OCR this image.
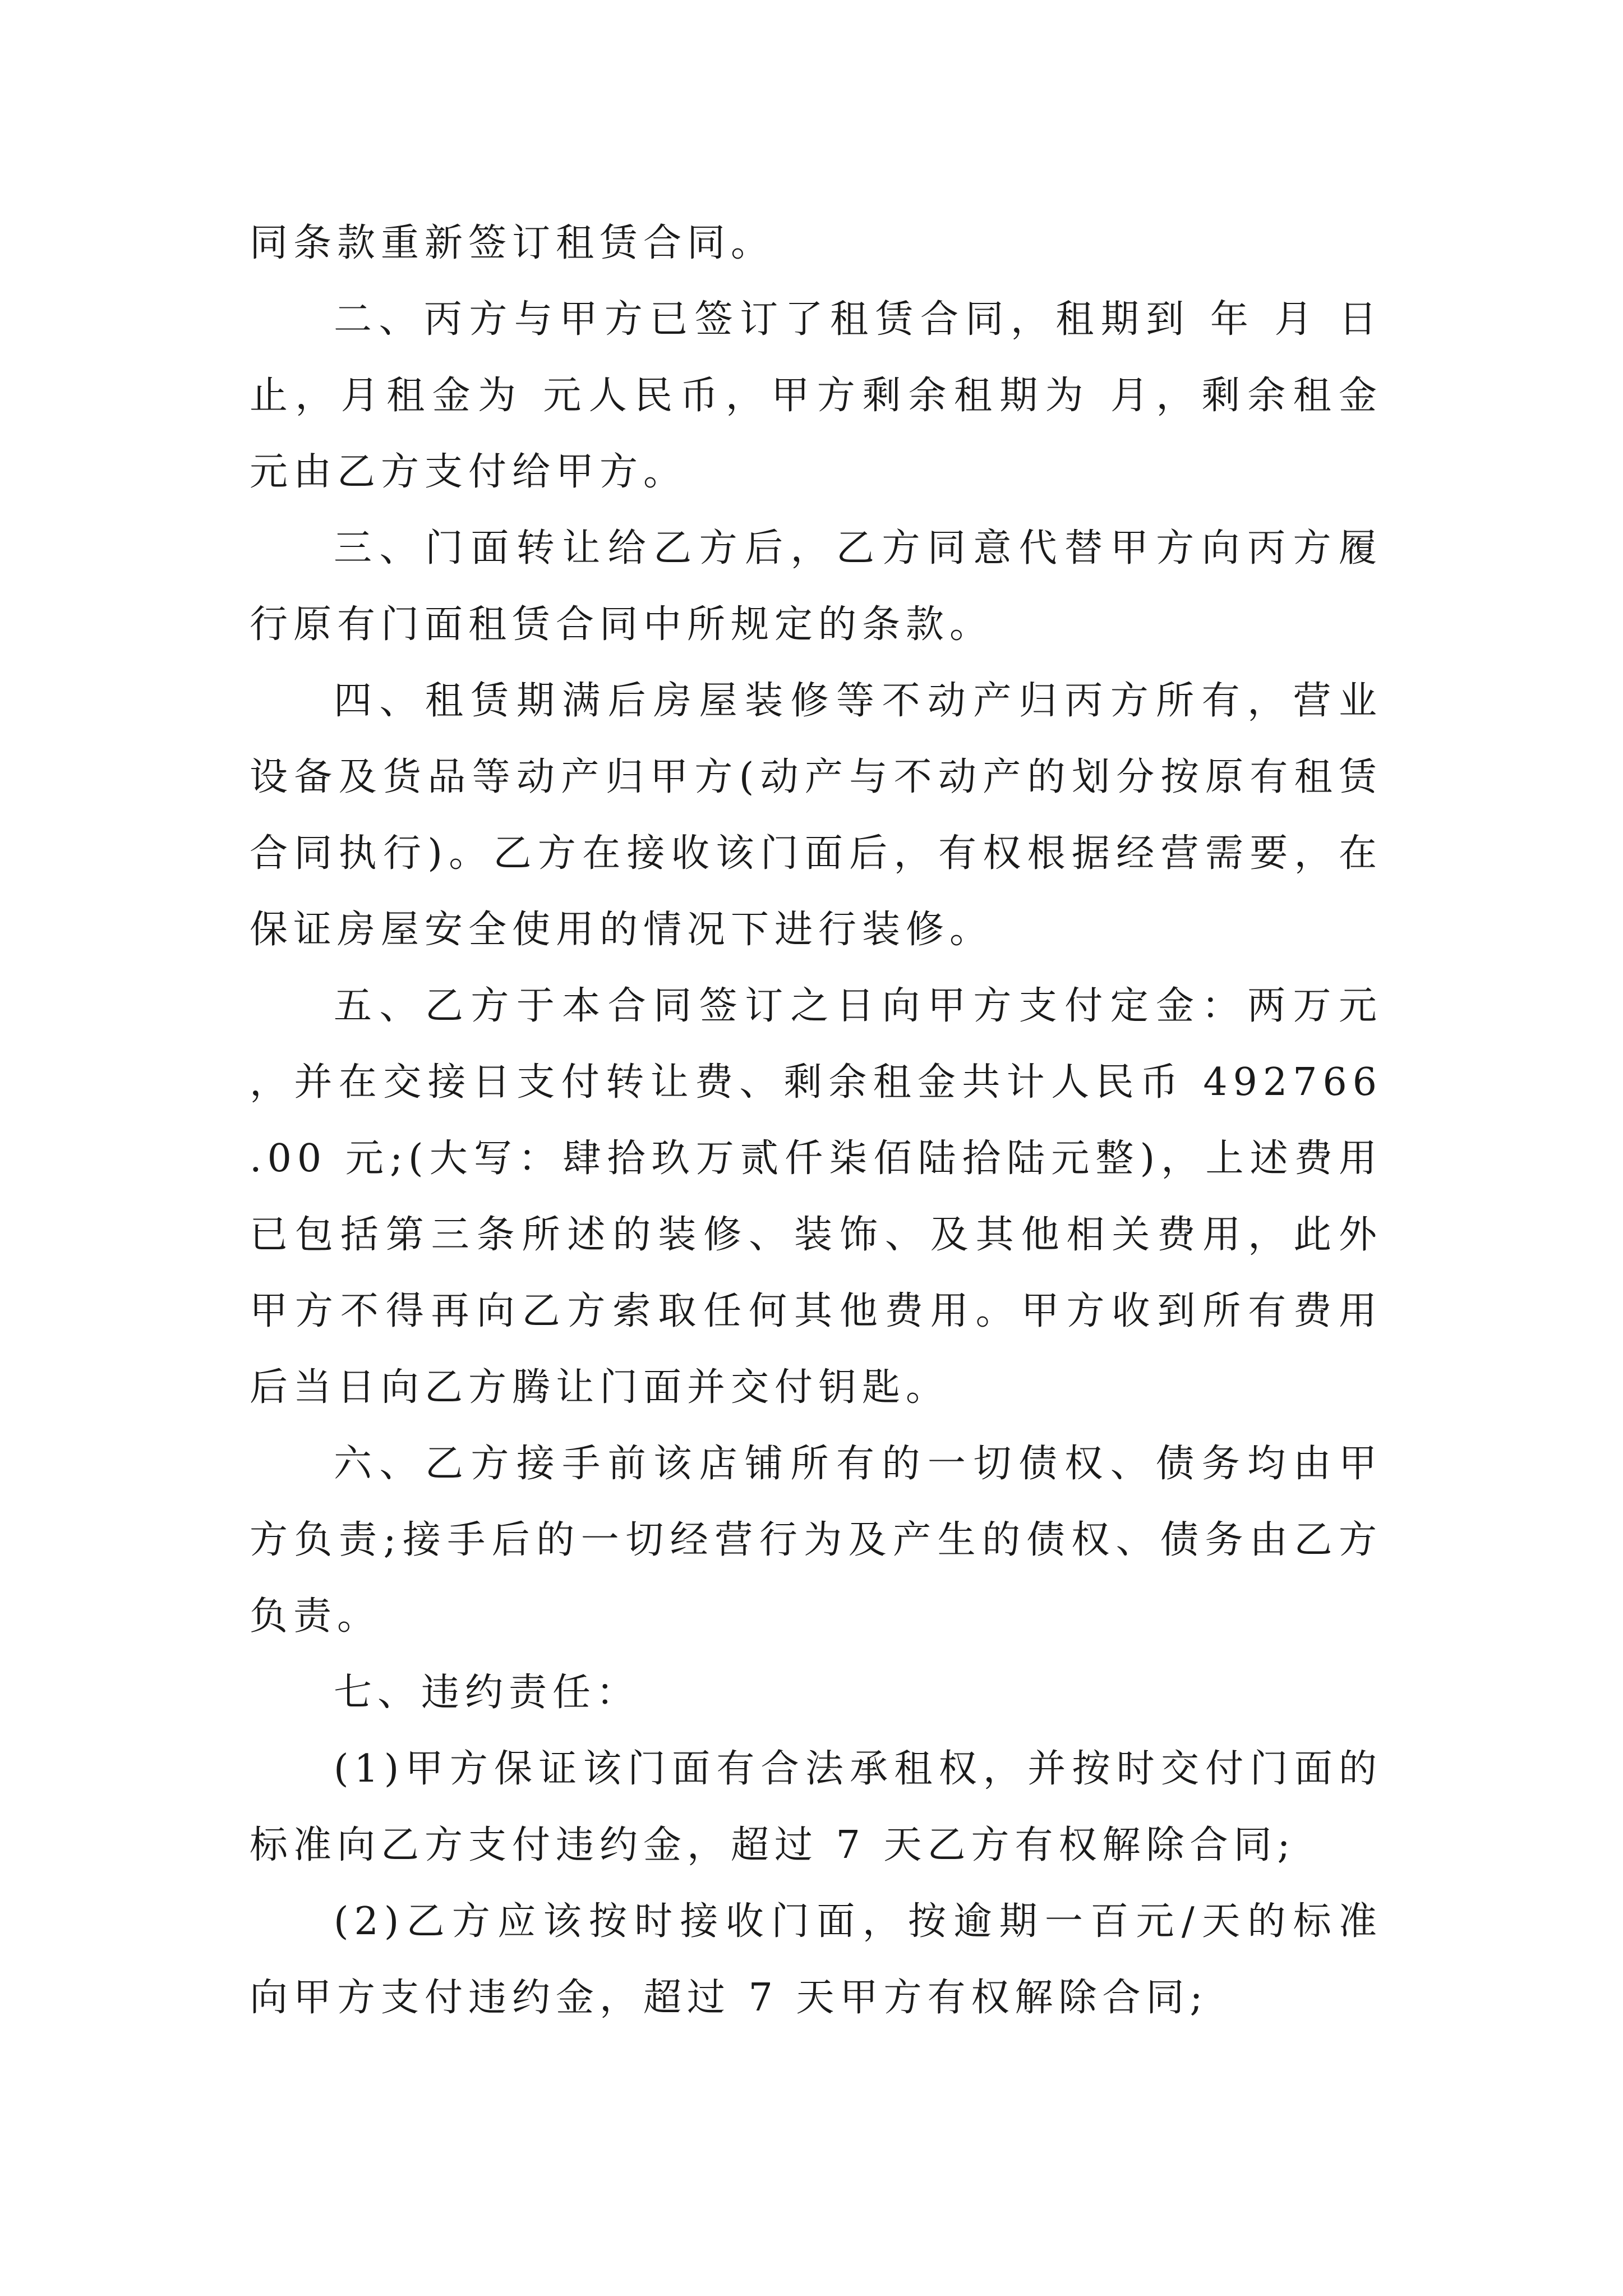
同条款重新签订租赁合同。

二、丙方与甲方已签订了租赁合同，租期到 年 月 日止，月租金为 元人民币，甲方剩余租期为 月，剩余租金 元由乙方支付给甲方。

三、门面转让给乙方后，乙方同意代替甲方向丙方履行原有门面租赁合同中所规定的条款。

四、租赁期满后房屋装修等不动产归丙方所有，营业设备及货品等动产归甲方(动产与不动产的划分按原有租赁合同执行)。乙方在接收该门面后，有权根据经营需要，在保证房屋安全使用的情况下进行装修。

五、乙方于本合同签订之日向甲方支付定金：两万元，并在交接日支付转让费、剩余租金共计人民币 492766.00 元;(大写：肆拾玖万贰仟柒佰陆拾陆元整)，上述费用已包括第三条所述的装修、装饰、及其他相关费用，此外甲方不得再向乙方索取任何其他费用。甲方收到所有费用后当日向乙方腾让门面并交付钥匙。

六、乙方接手前该店铺所有的一切债权、债务均由甲方负责;接手后的一切经营行为及产生的债权、债务由乙方负责。

七、违约责任：

(1)甲方保证该门面有合法承租权，并按时交付门面的标准向乙方支付违约金，超过 7 天乙方有权解除合同;

(2)乙方应该按时接收门面，按逾期一百元/天的标准向甲方支付违约金，超过 7 天甲方有权解除合同;
